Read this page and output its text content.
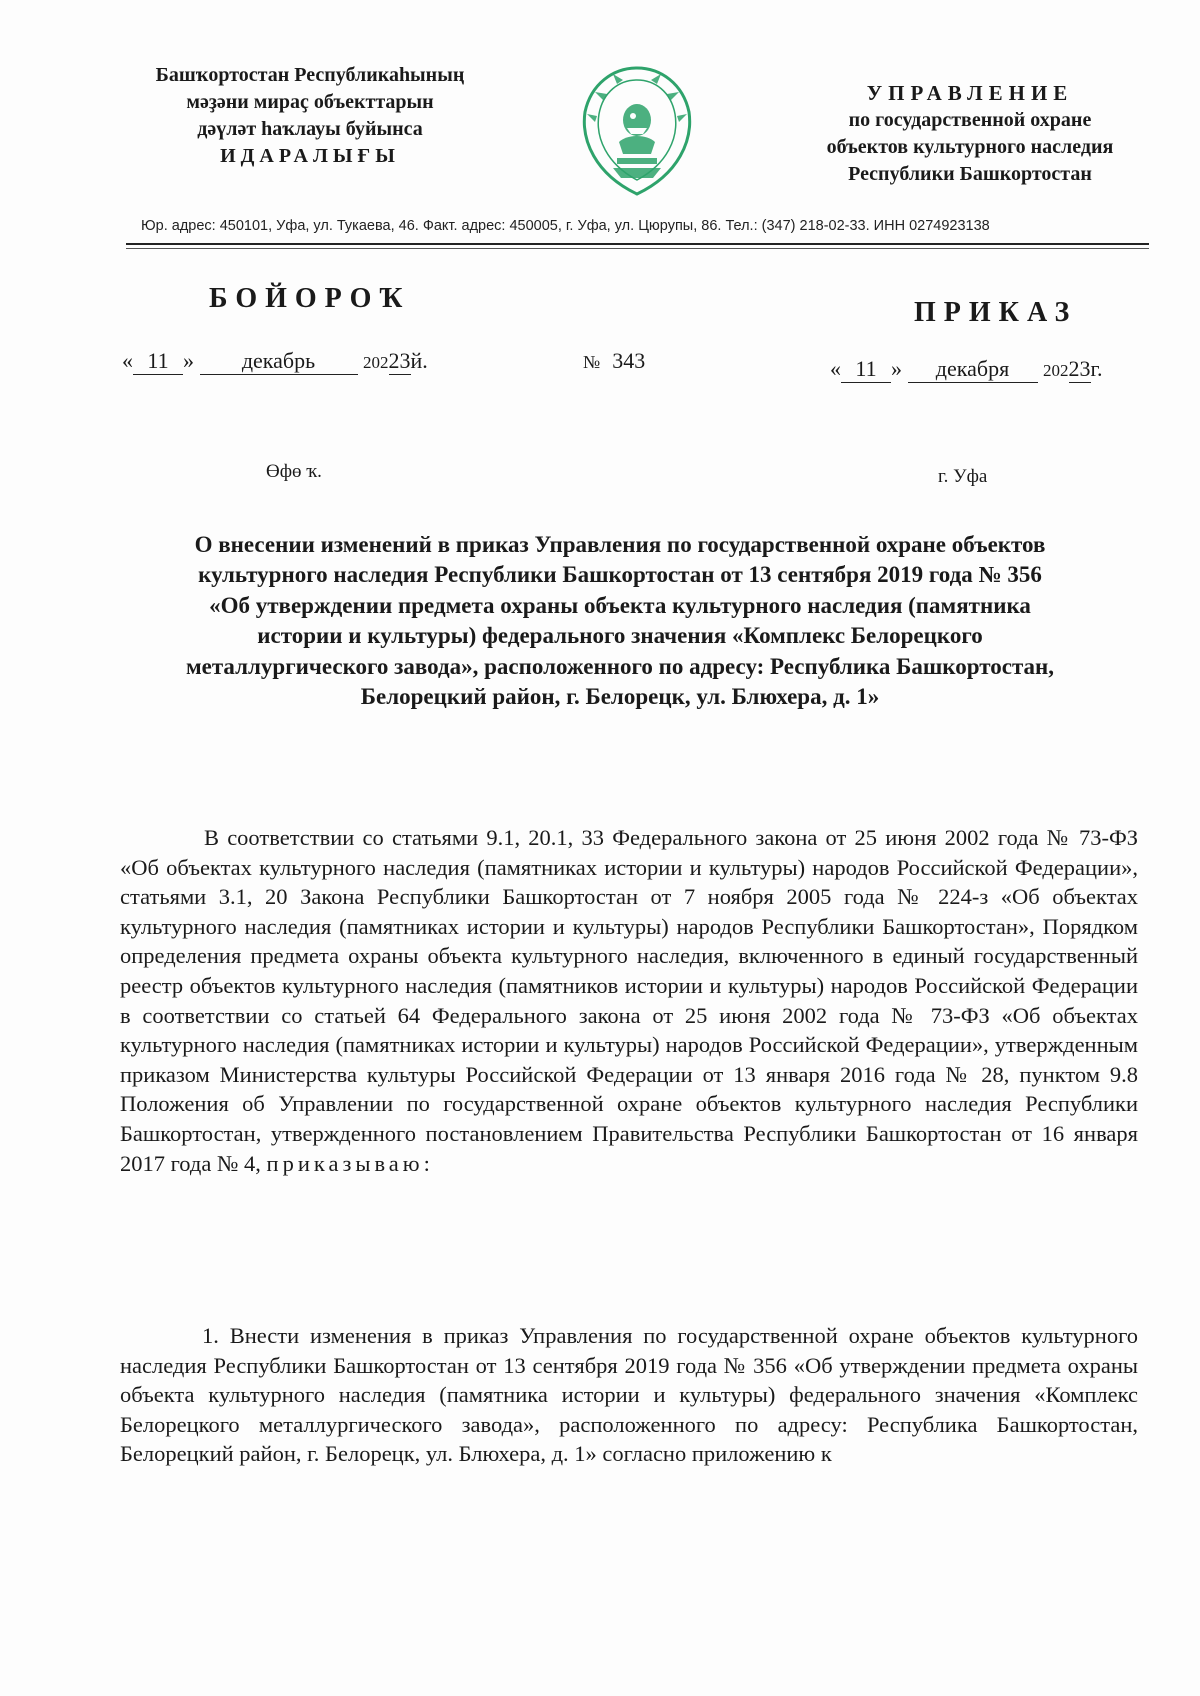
Башҡортостан Республикаһының
мәҙәни мираҫ объекттарын
дәүләт һаҡлауы буйынса
ИДАРАЛЫҒЫ
УПРАВЛЕНИЕ
по государственной охране
объектов культурного наследия
Республики Башкортостан
Юр. адрес: 450101, Уфа, ул. Тукаева, 46. Факт. адрес: 450005, г. Уфа, ул. Цюрупы, 86. Тел.: (347) 218-02-33. ИНН 0274923138
БОЙОРОҠ	ПРИКАЗ
« 11 » декабрь	20223й.	№ 343	« 11 » декабря 20223г.
Өфө ҡ.	г. Уфа
О внесении изменений в приказ Управления по государственной охране объектов культурного наследия Республики Башкортостан от 13 сентября 2019 года № 356 «Об утверждении предмета охраны объекта культурного наследия (памятника истории и культуры) федерального значения «Комплекс Белорецкого металлургического завода», расположенного по адресу: Республика Башкортостан, Белорецкий район, г. Белорецк, ул. Блюхера, д. 1»
В соответствии со статьями 9.1, 20.1, 33 Федерального закона от 25 июня 2002 года № 73-ФЗ «Об объектах культурного наследия (памятниках истории и культуры) народов Российской Федерации», статьями 3.1, 20 Закона Республики Башкортостан от 7 ноября 2005 года № 224-з «Об объектах культурного наследия (памятниках истории и культуры) народов Республики Башкортостан», Порядком определения предмета охраны объекта культурного наследия, включенного в единый государственный реестр объектов культурного наследия (памятников истории и культуры) народов Российской Федерации в соответствии со статьей 64 Федерального закона от 25 июня 2002 года № 73-ФЗ «Об объектах культурного наследия (памятниках истории и культуры) народов Российской Федерации», утвержденным приказом Министерства культуры Российской Федерации от 13 января 2016 года № 28, пунктом 9.8 Положения об Управлении по государственной охране объектов культурного наследия Республики Башкортостан, утвержденного постановлением Правительства Республики Башкортостан от 16 января 2017 года № 4, приказываю:
1. Внести изменения в приказ Управления по государственной охране объектов культурного наследия Республики Башкортостан от 13 сентября 2019 года № 356 «Об утверждении предмета охраны объекта культурного наследия (памятника истории и культуры) федерального значения «Комплекс Белорецкого металлургического завода», расположенного по адресу: Республика Башкортостан, Белорецкий район, г. Белорецк, ул. Блюхера, д. 1» согласно приложению к
